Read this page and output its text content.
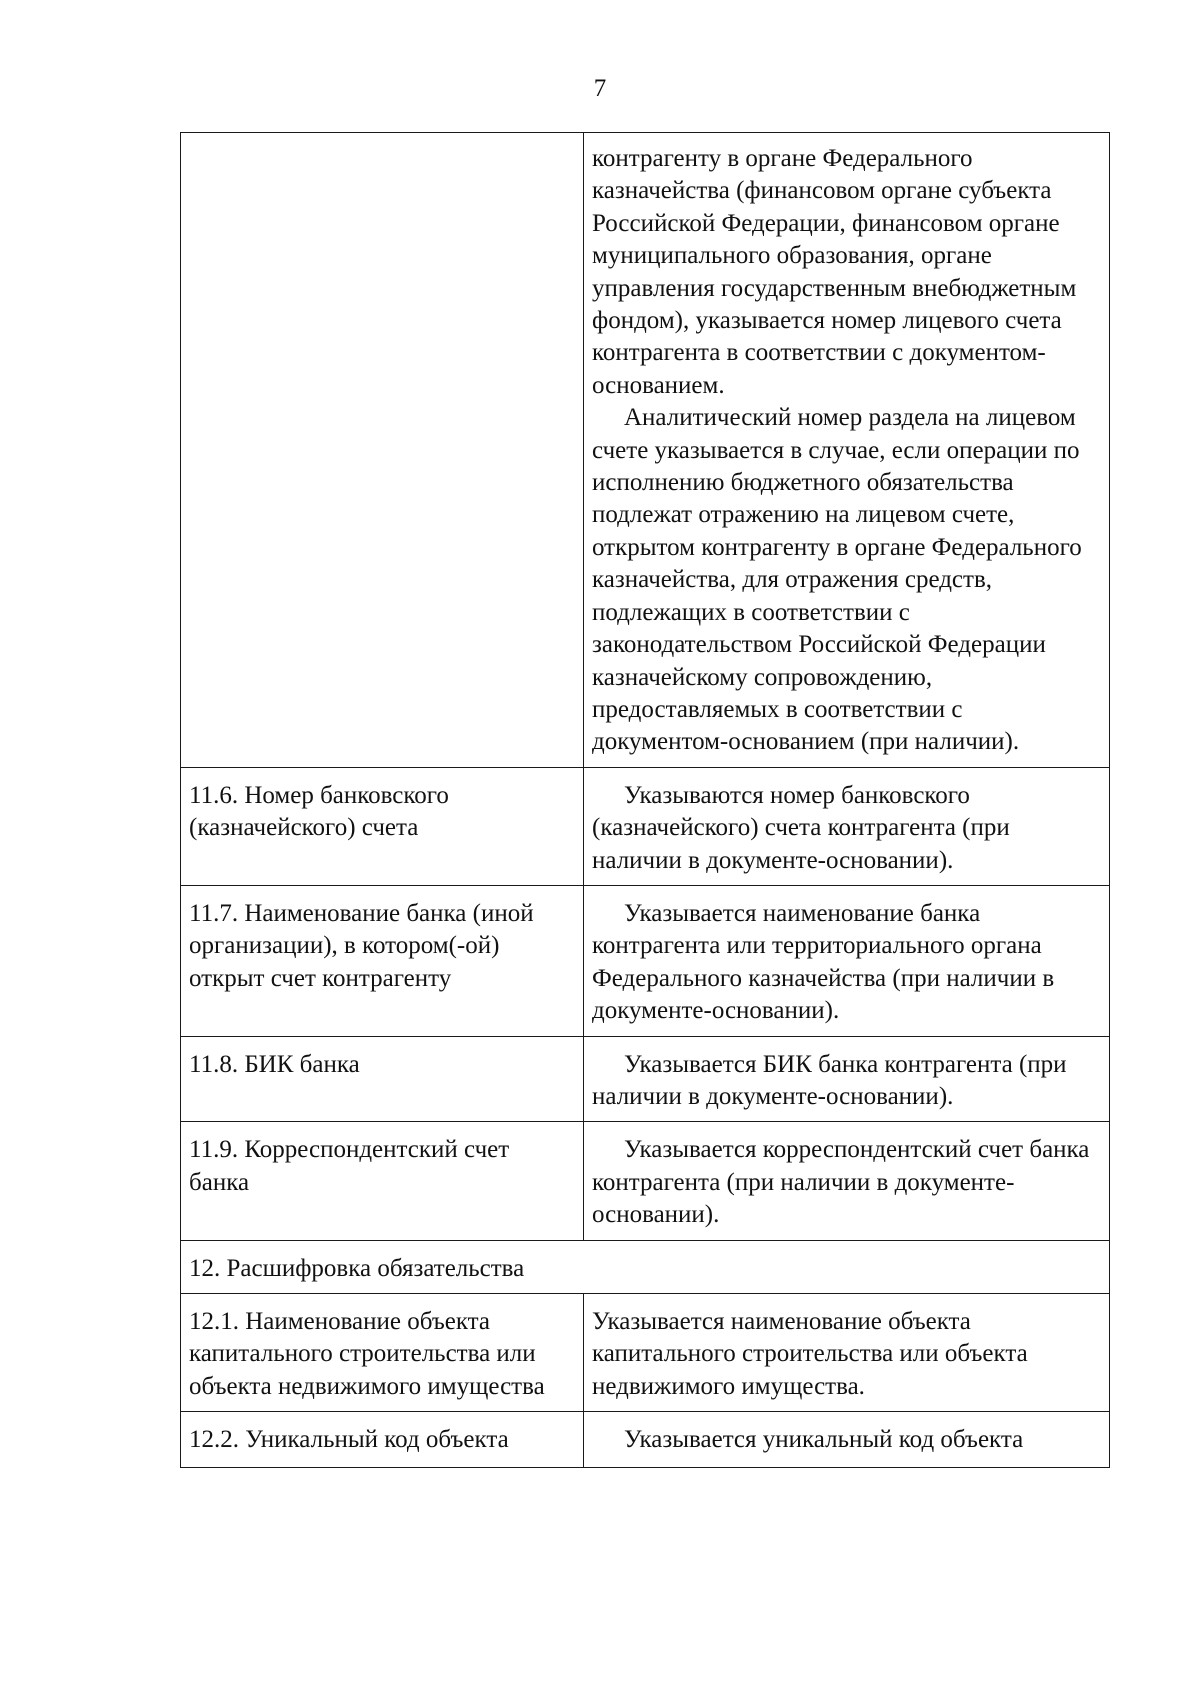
7

	контрагенту в органе Федерального казначейства (финансовом органе субъекта Российской Федерации, финансовом органе муниципального образования, органе управления государственным внебюджетным фондом), указывается номер лицевого счета контрагента в соответствии с документом-основанием.
Аналитический номер раздела на лицевом счете указывается в случае, если операции по исполнению бюджетного обязательства подлежат отражению на лицевом счете, открытом контрагенту в органе Федерального казначейства, для отражения средств, подлежащих в соответствии с законодательством Российской Федерации казначейскому сопровождению, предоставляемых в соответствии с документом-основанием (при наличии).

11.6. Номер банковского (казначейского) счета	Указываются номер банковского (казначейского) счета контрагента (при наличии в документе-основании).
11.7. Наименование банка (иной организации), в котором(-ой) открыт счет контрагенту	Указывается наименование банка контрагента или территориального органа Федерального казначейства (при наличии в документе-основании).
11.8. БИК банка	Указывается БИК банка контрагента (при наличии в документе-основании).
11.9. Корреспондентский счет банка	Указывается корреспондентский счет банка контрагента (при наличии в документе-основании).
12. Расшифровка обязательства	
12.1. Наименование объекта капитального строительства или объекта недвижимого имущества	Указывается наименование объекта капитального строительства или объекта недвижимого имущества.
12.2. Уникальный код объекта	Указывается уникальный код объекта
